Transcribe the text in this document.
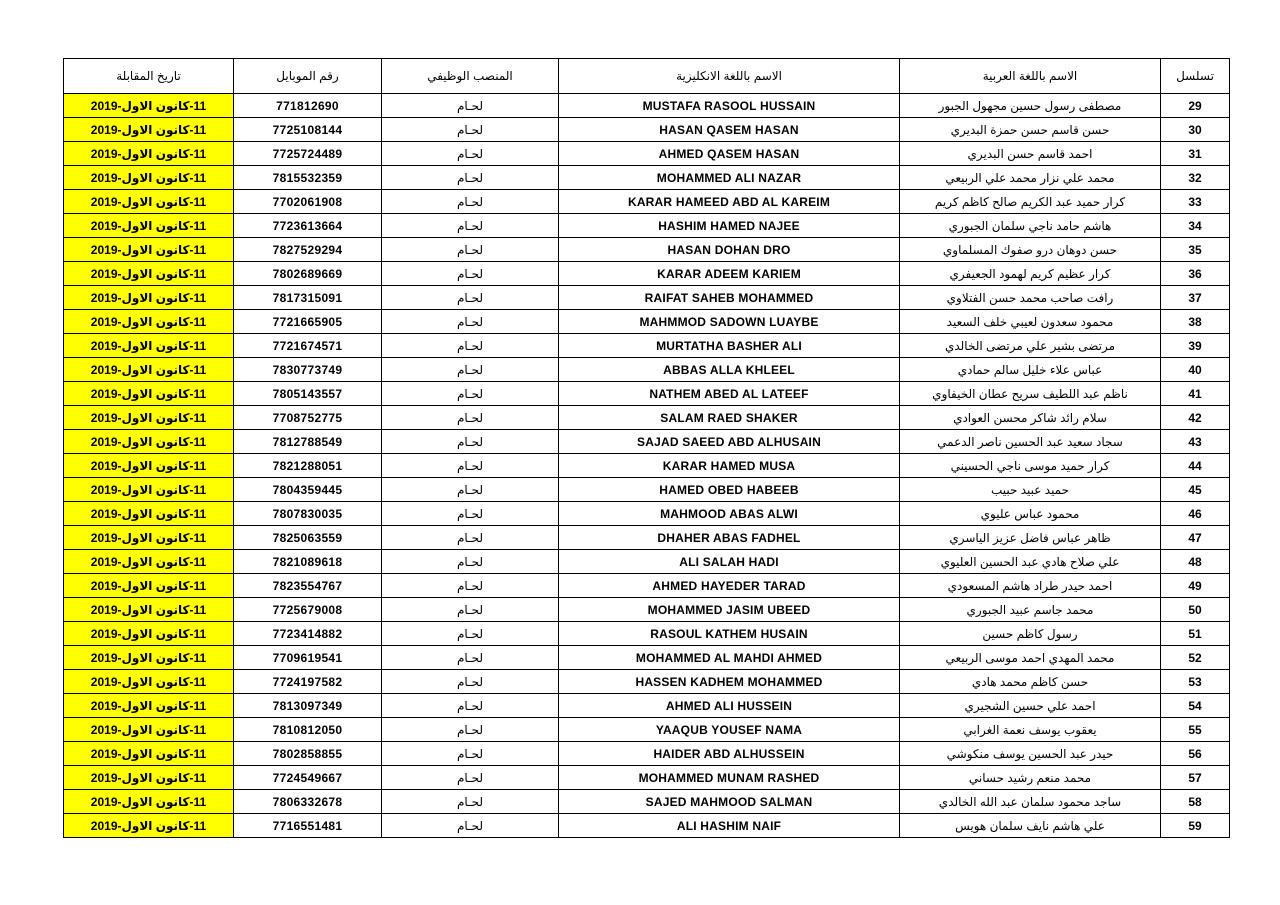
تاريخ المقابلة	رقم الموبايل	المنصب الوظيفي	الاسم باللغة الانكليزية	الاسم باللغة العربية	تسلسل
11-كانون الاول-2019	771812690	لحـام	MUSTAFA RASOOL HUSSAIN	مصطفى رسول حسين مجهول الجبور	29
11-كانون الاول-2019	7725108144	لحـام	HASAN QASEM HASAN	حسن قاسم حسن حمزة البديري	30
11-كانون الاول-2019	7725724489	لحـام	AHMED QASEM HASAN	احمد قاسم حسن البديري	31
11-كانون الاول-2019	7815532359	لحـام	MOHAMMED ALI NAZAR	محمد علي نزار محمد علي الربيعي	32
11-كانون الاول-2019	7702061908	لحـام	KARAR HAMEED ABD AL KAREIM	كرار حميد عبد الكريم صالح كاظم كريم	33
11-كانون الاول-2019	7723613664	لحـام	HASHIM HAMED NAJEE	هاشم حامد ناجي سلمان الجبوري	34
11-كانون الاول-2019	7827529294	لحـام	HASAN DOHAN DRO	حسن دوهان درو صفوك المسلماوي	35
11-كانون الاول-2019	7802689669	لحـام	KARAR ADEEM KARIEM	كرار عظيم كريم لهمود الجعيفري	36
11-كانون الاول-2019	7817315091	لحـام	RAIFAT SAHEB MOHAMMED	رافت صاحب محمد حسن الفتلاوي	37
11-كانون الاول-2019	7721665905	لحـام	MAHMMOD SADOWN LUAYBE	محمود سعدون لعيبي خلف السعيد	38
11-كانون الاول-2019	7721674571	لحـام	MURTATHA BASHER ALI	مرتضى بشير علي مرتضى الخالدي	39
11-كانون الاول-2019	7830773749	لحـام	ABBAS ALLA KHLEEL	عباس علاء خليل سالم حمادي	40
11-كانون الاول-2019	7805143557	لحـام	NATHEM ABED AL LATEEF	ناظم عبد اللطيف سريح عطان الخيفاوي	41
11-كانون الاول-2019	7708752775	لحـام	SALAM RAED SHAKER	سلام رائد شاكر محسن العوادي	42
11-كانون الاول-2019	7812788549	لحـام	SAJAD SAEED ABD ALHUSAIN	سجاد سعيد عبد الحسين ناصر الدعمي	43
11-كانون الاول-2019	7821288051	لحـام	KARAR HAMED MUSA	كرار حميد موسى ناجي الحسيني	44
11-كانون الاول-2019	7804359445	لحـام	HAMED OBED HABEEB	حميد عبيد حبيب	45
11-كانون الاول-2019	7807830035	لحـام	MAHMOOD ABAS ALWI	محمود عباس عليوي	46
11-كانون الاول-2019	7825063559	لحـام	DHAHER ABAS FADHEL	ظاهر عباس فاضل عزيز الياسري	47
11-كانون الاول-2019	7821089618	لحـام	ALI SALAH HADI	علي صلاح هادي عبد الحسين العليوي	48
11-كانون الاول-2019	7823554767	لحـام	AHMED HAYEDER TARAD	احمد حيدر طراد هاشم المسعودي	49
11-كانون الاول-2019	7725679008	لحـام	MOHAMMED JASIM UBEED	محمد جاسم عبيد الجبوري	50
11-كانون الاول-2019	7723414882	لحـام	RASOUL KATHEM HUSAIN	رسول كاظم حسين	51
11-كانون الاول-2019	7709619541	لحـام	MOHAMMED AL MAHDI AHMED	محمد المهدي احمد موسى الربيعي	52
11-كانون الاول-2019	7724197582	لحـام	HASSEN KADHEM MOHAMMED	حسن كاظم محمد هادي	53
11-كانون الاول-2019	7813097349	لحـام	AHMED ALI HUSSEIN	احمد علي حسين الشجيري	54
11-كانون الاول-2019	7810812050	لحـام	YAAQUB YOUSEF NAMA	يعقوب يوسف نعمة الغرابي	55
11-كانون الاول-2019	7802858855	لحـام	HAIDER ABD ALHUSSEIN	حيدر عبد الحسين يوسف منكوشي	56
11-كانون الاول-2019	7724549667	لحـام	MOHAMMED MUNAM RASHED	محمد منعم رشيد حساني	57
11-كانون الاول-2019	7806332678	لحـام	SAJED MAHMOOD SALMAN	ساجد محمود سلمان عبد الله الخالدي	58
11-كانون الاول-2019	7716551481	لحـام	ALI HASHIM NAIF	علي هاشم نايف سلمان هويس	59
